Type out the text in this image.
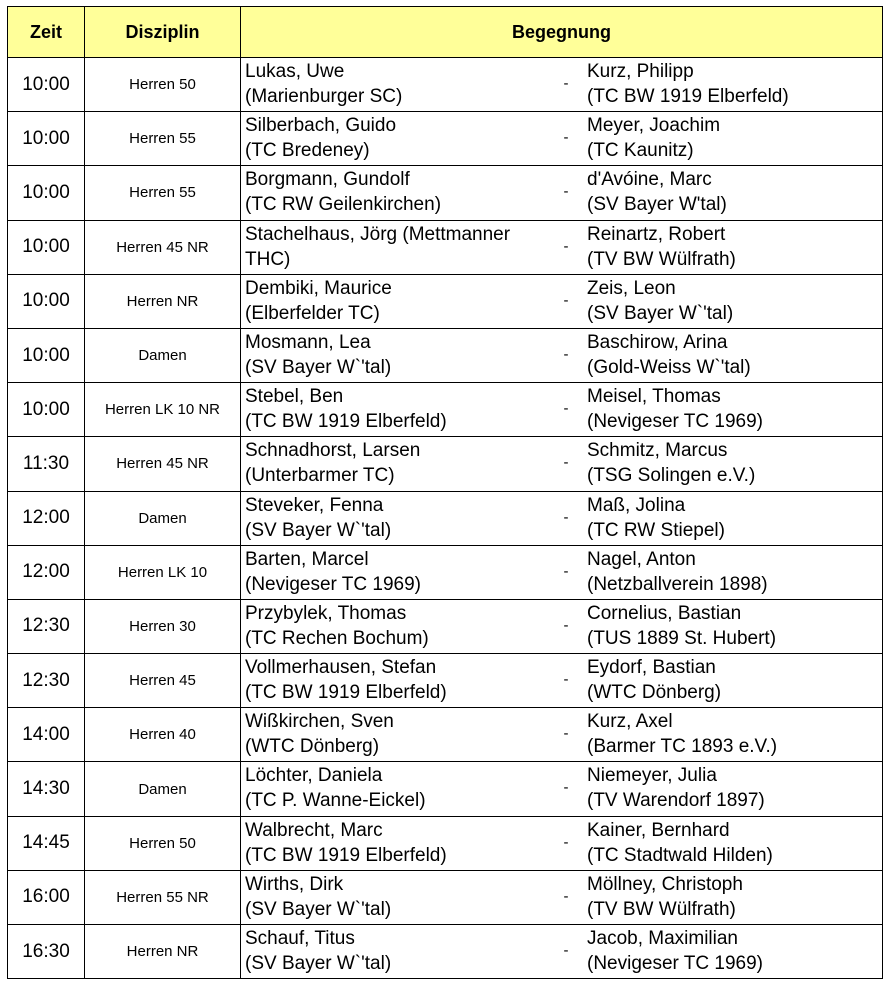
Zeit	Disziplin	Begegnung
10:00	Herren 50	Lukas, Uwe
(Marienburger SC)
-
Kurz, Philipp
(TC BW 1919 Elberfeld)

10:00	Herren 55	Silberbach, Guido
(TC Bredeney)
-
Meyer, Joachim
(TC Kaunitz)

10:00	Herren 55	Borgmann, Gundolf
(TC RW Geilenkirchen)
-
d'Avóine, Marc
(SV Bayer W'tal)

10:00	Herren 45 NR	Stachelhaus, Jörg (Mettmanner
THC)
-
Reinartz, Robert
(TV BW Wülfrath)

10:00	Herren NR	Dembiki, Maurice
(Elberfelder TC)
-
Zeis, Leon
(SV Bayer W`'tal)

10:00	Damen	Mosmann, Lea
(SV Bayer W`'tal)
-
Baschirow, Arina
(Gold-Weiss W`'tal)

10:00	Herren LK 10 NR	Stebel, Ben
(TC BW 1919 Elberfeld)
-
Meisel, Thomas
(Nevigeser TC 1969)

11:30	Herren 45 NR	Schnadhorst, Larsen
(Unterbarmer TC)
-
Schmitz, Marcus
(TSG Solingen e.V.)

12:00	Damen	Steveker, Fenna
(SV Bayer W`'tal)
-
Maß, Jolina
(TC RW Stiepel)

12:00	Herren LK 10	Barten, Marcel
(Nevigeser TC 1969)
-
Nagel, Anton
(Netzballverein 1898)

12:30	Herren 30	Przybylek, Thomas
(TC Rechen Bochum)
-
Cornelius, Bastian
(TUS 1889 St. Hubert)

12:30	Herren 45	Vollmerhausen, Stefan
(TC BW 1919 Elberfeld)
-
Eydorf, Bastian
(WTC Dönberg)

14:00	Herren 40	Wißkirchen, Sven
(WTC Dönberg)
-
Kurz, Axel
(Barmer TC 1893 e.V.)

14:30	Damen	Löchter, Daniela
(TC P. Wanne-Eickel)
-
Niemeyer, Julia
(TV Warendorf 1897)

14:45	Herren 50	Walbrecht, Marc
(TC BW 1919 Elberfeld)
-
Kainer, Bernhard
(TC Stadtwald Hilden)

16:00	Herren 55 NR	Wirths, Dirk
(SV Bayer W`'tal)
-
Möllney, Christoph
(TV BW Wülfrath)

16:30	Herren NR	Schauf, Titus
(SV Bayer W`'tal)
-
Jacob, Maximilian
(Nevigeser TC 1969)
